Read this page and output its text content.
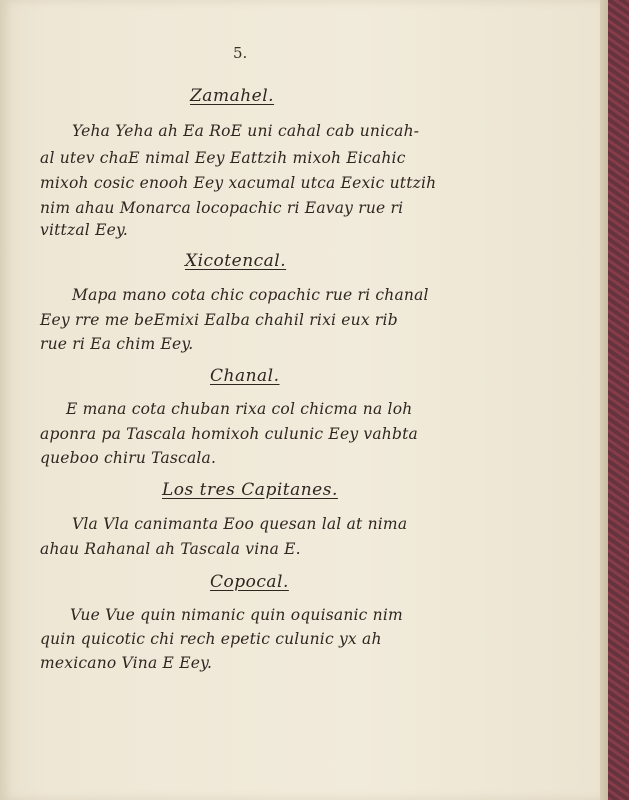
5.
Zamahel.
Yeha Yeha ah Ea RoE uni cahal cab unicah-
al utev chaE nimal Eey Eattzih mixoh Eicahic
mixoh cosic enooh Eey xacumal utca Eexic uttzih
nim ahau Monarca locopachic ri Eavay rue ri
vittzal Eey.
Xicotencal.
Mapa mano cota chic copachic rue ri chanal
Eey rre me beEmixi Ealba chahil rixi eux rib
rue ri Ea chim Eey.
Chanal.
E mana cota chuban rixa col chicma na loh
aponra pa Tascala homixoh culunic Eey vahbta
queboo chiru Tascala.
Los tres Capitanes.
Vla Vla canimanta Eoo quesan lal at nima
ahau Rahanal ah Tascala vina E.
Copocal.
Vue Vue quin nimanic quin oquisanic nim
quin quicotic chi rech epetic culunic yx ah
mexicano Vina E Eey.
